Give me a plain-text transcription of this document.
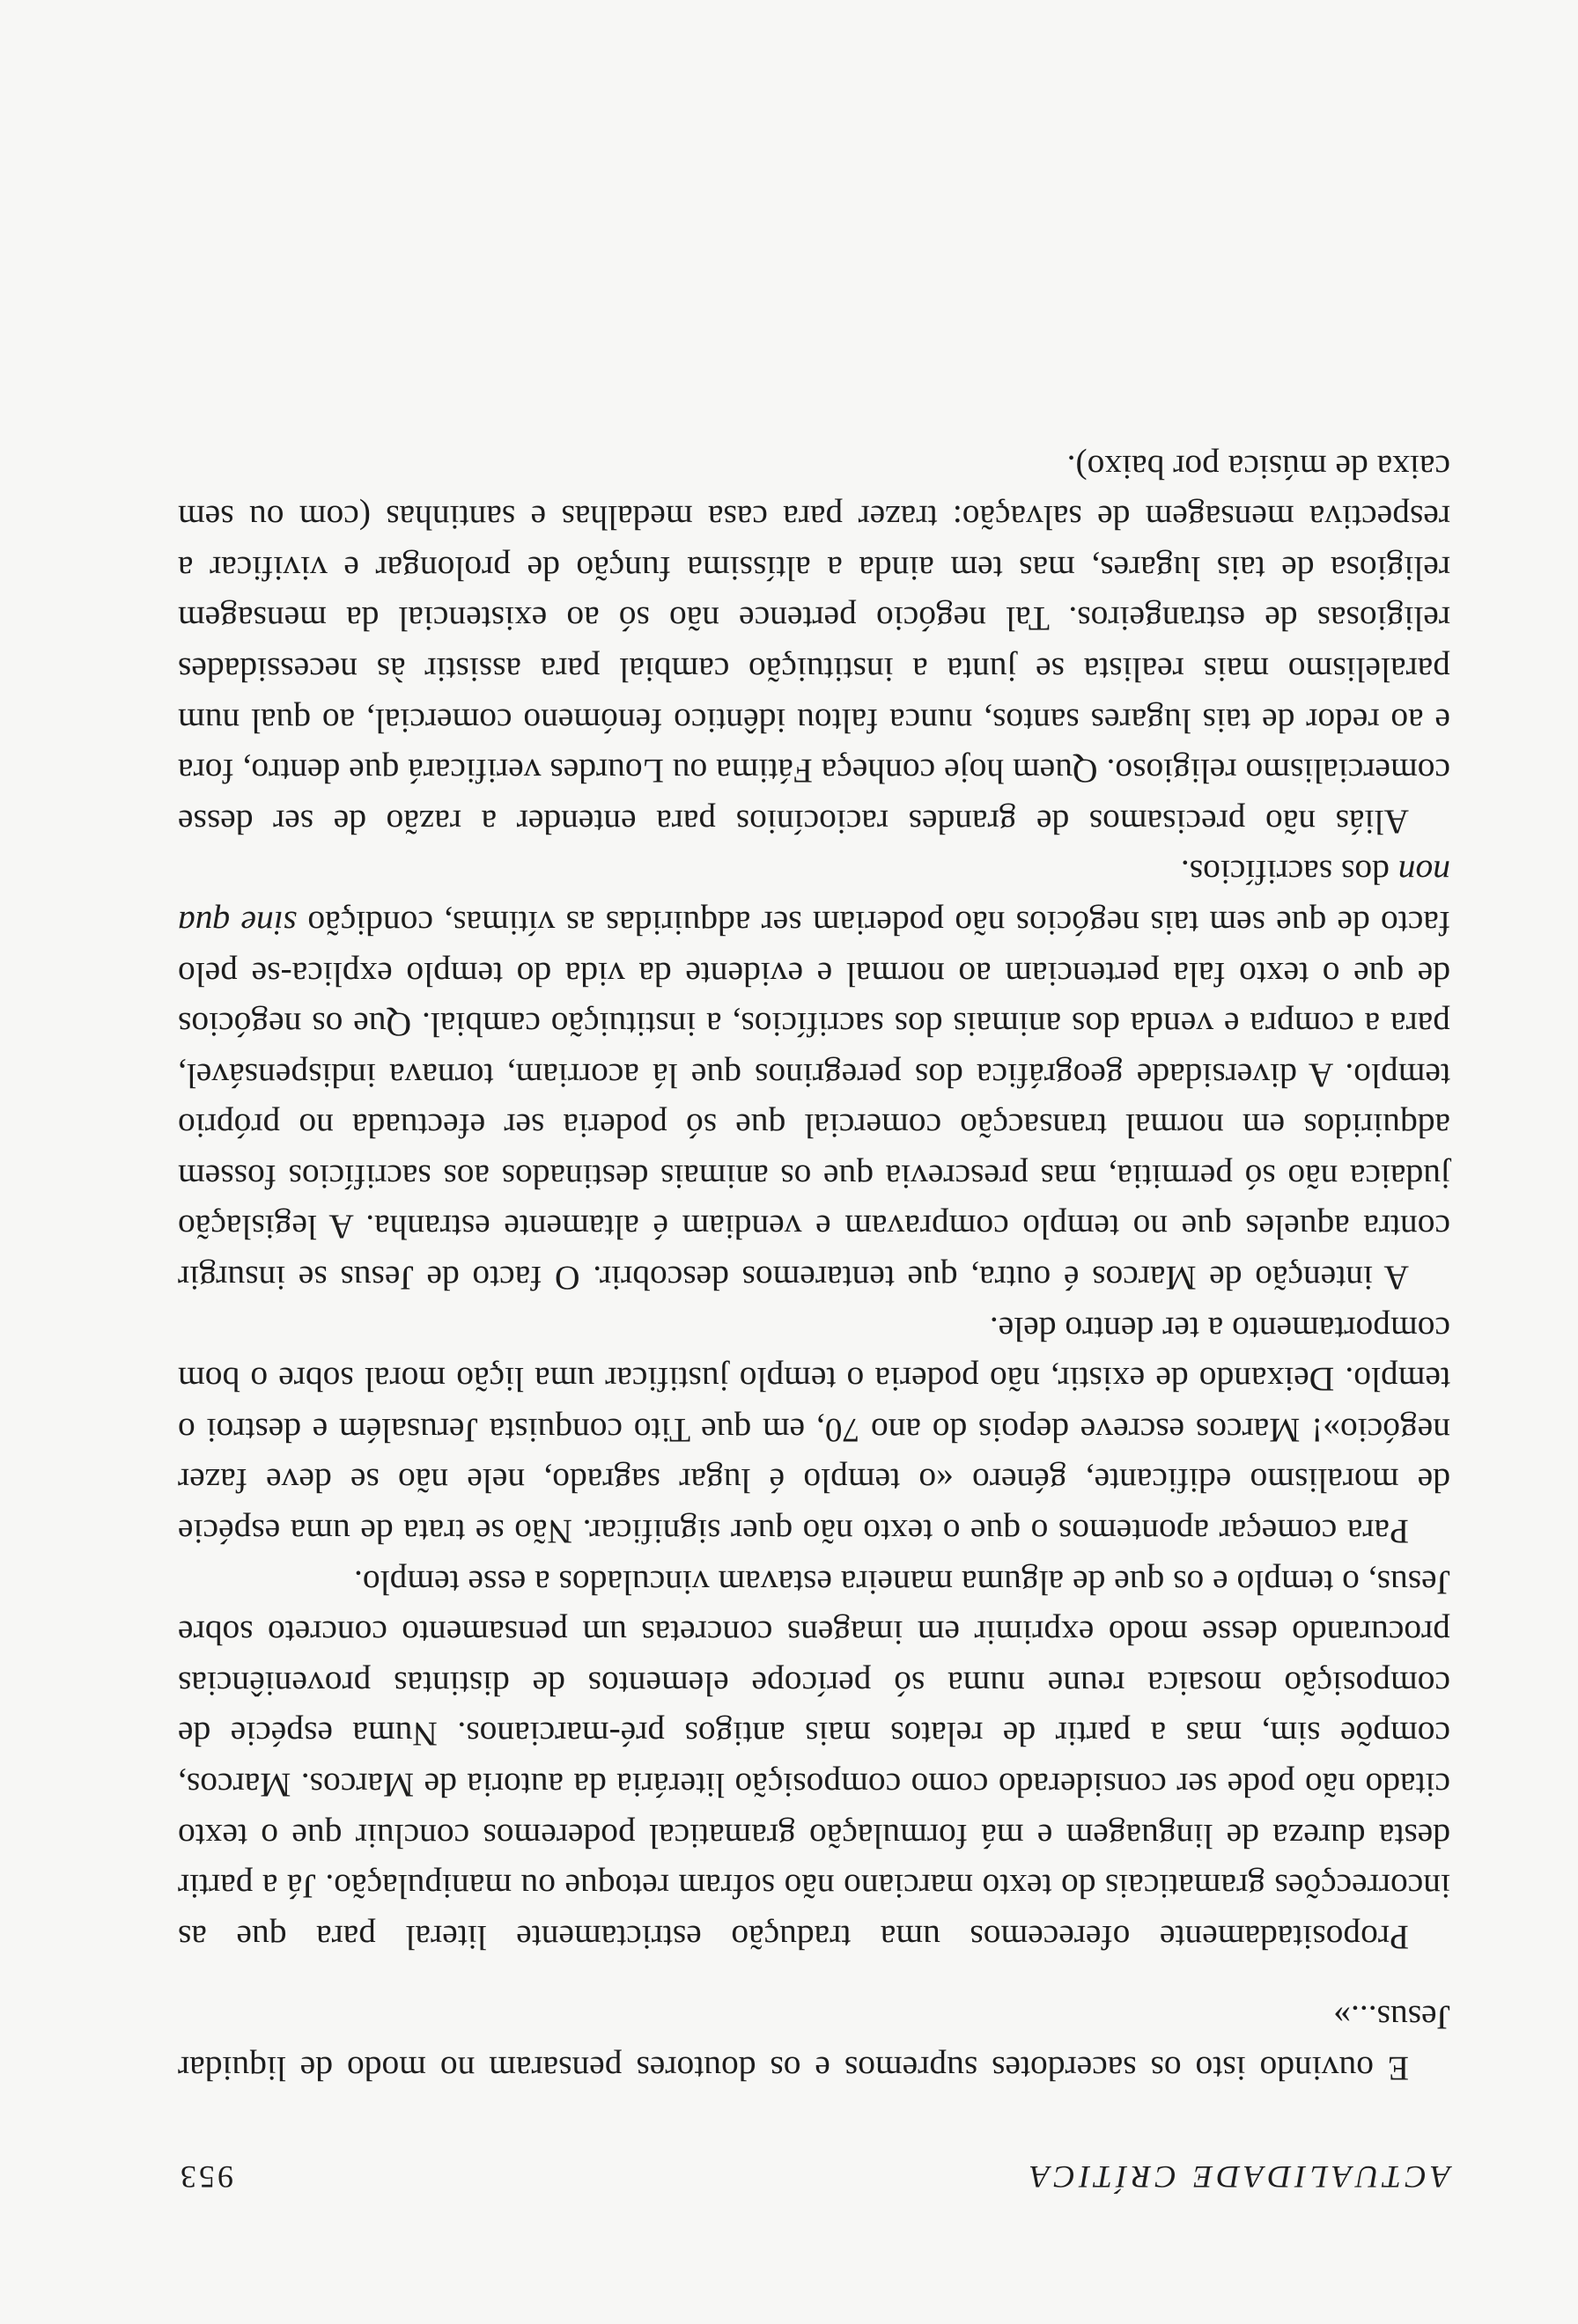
ACTUALIDADE CRÍTICA
953

E ouvindo isto os sacerdotes supremos e os doutores pensaram no modo de liquidar Jesus...»

Propositadamente oferecemos uma tradução estrictamente literal para que as incorrecções gramaticais do texto marciano não sofram retoque ou manipulação. Já a partir desta dureza de linguagem e má formulação gramatical poderemos concluir que o texto citado não pode ser considerado como composição literária da autoria de Marcos. Marcos, compõe sim, mas a partir de relatos mais antigos pré-marcianos. Numa espécie de composição mosaica reune numa só perícope elementos de distintas proveniências procurando desse modo exprimir em imagens concretas um pensamento concreto sobre Jesus, o templo e os que de alguma maneira estavam vinculados a esse templo.

Para começar apontemos o que o texto não quer significar. Não se trata de uma espécie de moralismo edificante, género «o templo é lugar sagrado, nele não se deve fazer negócio»! Marcos escreve depois do ano 70, em que Tito conquista Jerusalém e destroi o templo. Deixando de existir, não poderia o templo justificar uma lição moral sobre o bom comportamento a ter dentro dele.

A intenção de Marcos é outra, que tentaremos descobrir. O facto de Jesus se insurgir contra aqueles que no templo compravam e vendiam é altamente estranha. A legislação judaica não só permitia, mas prescrevia que os animais destinados aos sacrifícios fossem adquiridos em normal transacção comercial que só poderia ser efectuada no próprio templo. A diversidade geográfica dos peregrinos que lá acorriam, tornava indispensável, para a compra e venda dos animais dos sacrifícios, a instituição cambial. Que os negócios de que o texto fala pertenciam ao normal e evidente da vida do templo explica-se pelo facto de que sem tais negócios não poderiam ser adquiridas as vítimas, condição sine qua non dos sacrifícios.

Aliás não precisamos de grandes raciocínios para entender a razão de ser desse comercialismo religioso. Quem hoje conheça Fátima ou Lourdes verificará que dentro, fora e ao redor de tais lugares santos, nunca faltou idêntico fenómeno comercial, ao qual num paralelismo mais realista se junta a instituição cambial para assistir às necessidades religiosas de estrangeiros. Tal negócio pertence não só ao existencial da mensagem religiosa de tais lugares, mas tem ainda a altíssima função de prolongar e vivificar a respectiva mensagem de salvação: trazer para casa medalhas e santinhas (com ou sem caixa de música por baixo).
